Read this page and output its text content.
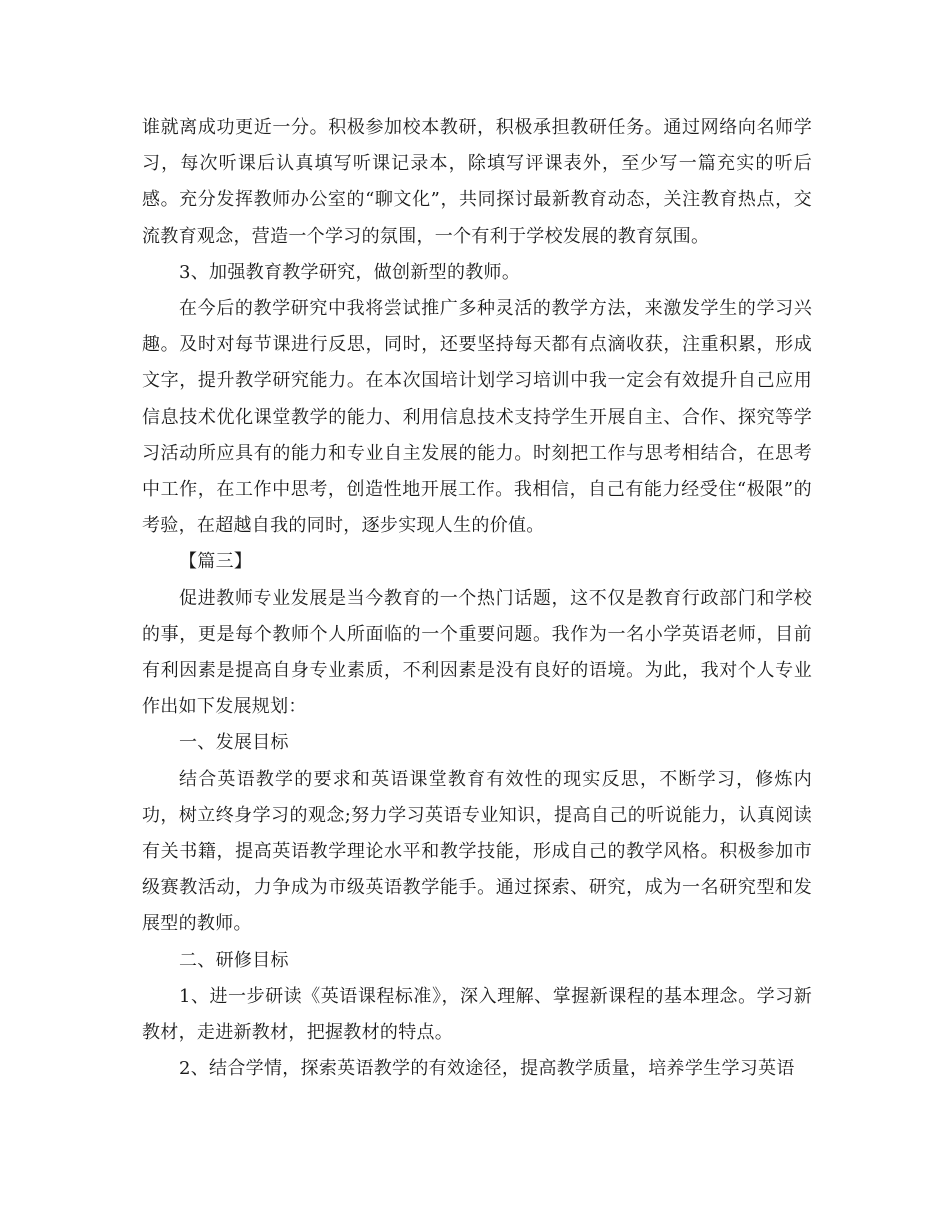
谁就离成功更近一分。积极参加校本教研，积极承担教研任务。通过网络向名师学习，每次听课后认真填写听课记录本，除填写评课表外，至少写一篇充实的听后感。充分发挥教师办公室的“聊文化”，共同探讨最新教育动态，关注教育热点，交流教育观念，营造一个学习的氛围，一个有利于学校发展的教育氛围。

3、加强教育教学研究，做创新型的教师。

在今后的教学研究中我将尝试推广多种灵活的教学方法，来激发学生的学习兴趣。及时对每节课进行反思，同时，还要坚持每天都有点滴收获，注重积累，形成文字，提升教学研究能力。在本次国培计划学习培训中我一定会有效提升自己应用信息技术优化课堂教学的能力、利用信息技术支持学生开展自主、合作、探究等学习活动所应具有的能力和专业自主发展的能力。时刻把工作与思考相结合，在思考中工作，在工作中思考，创造性地开展工作。我相信，自己有能力经受住“极限”的考验，在超越自我的同时，逐步实现人生的价值。

【篇三】

促进教师专业发展是当今教育的一个热门话题，这不仅是教育行政部门和学校的事，更是每个教师个人所面临的一个重要问题。我作为一名小学英语老师，目前有利因素是提高自身专业素质，不利因素是没有良好的语境。为此，我对个人专业作出如下发展规划：

一、发展目标

结合英语教学的要求和英语课堂教育有效性的现实反思，不断学习，修炼内功，树立终身学习的观念;努力学习英语专业知识，提高自己的听说能力，认真阅读有关书籍，提高英语教学理论水平和教学技能，形成自己的教学风格。积极参加市级赛教活动，力争成为市级英语教学能手。通过探索、研究，成为一名研究型和发展型的教师。

二、研修目标

1、进一步研读《英语课程标准》，深入理解、掌握新课程的基本理念。学习新教材，走进新教材，把握教材的特点。

2、结合学情，探索英语教学的有效途径，提高教学质量，培养学生学习英语
